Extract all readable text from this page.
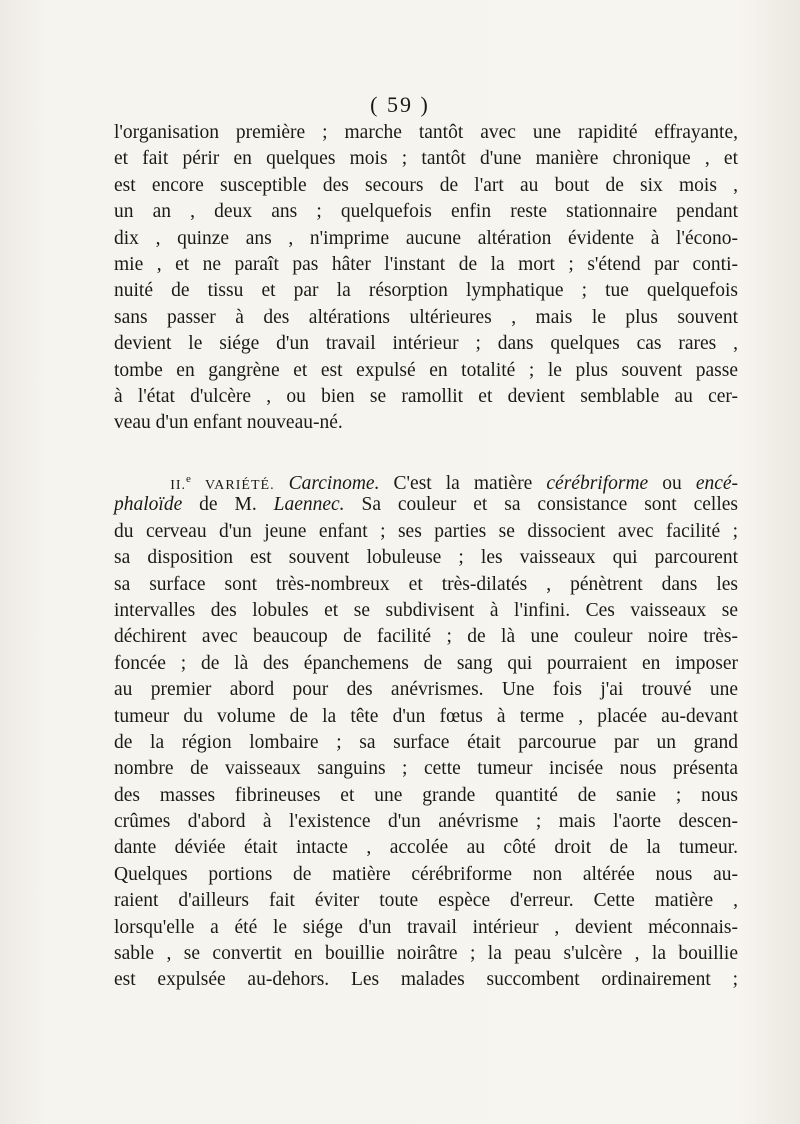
( 59 )
l'organisation première ; marche tantôt avec une rapidité effrayante,
et fait périr en quelques mois ; tantôt d'une manière chronique , et
est encore susceptible des secours de l'art au bout de six mois ,
un an , deux ans ; quelquefois enfin reste stationnaire pendant
dix , quinze ans , n'imprime aucune altération évidente à l'écono-
mie , et ne paraît pas hâter l'instant de la mort ; s'étend par conti-
nuité de tissu et par la résorption lymphatique ; tue quelquefois
sans passer à des altérations ultérieures , mais le plus souvent
devient le siége d'un travail intérieur ; dans quelques cas rares ,
tombe en gangrène et est expulsé en totalité ; le plus souvent passe
à l'état d'ulcère , ou bien se ramollit et devient semblable au cer-
veau d'un enfant nouveau-né.
II.$^e$ VARIÉTÉ. Carcinome. C'est la matière cérébriforme ou encé-
phaloïde de M. Laennec. Sa couleur et sa consistance sont celles
du cerveau d'un jeune enfant ; ses parties se dissocient avec facilité ;
sa disposition est souvent lobuleuse ; les vaisseaux qui parcourent
sa surface sont très-nombreux et très-dilatés , pénètrent dans les
intervalles des lobules et se subdivisent à l'infini. Ces vaisseaux se
déchirent avec beaucoup de facilité ; de là une couleur noire très-
foncée ; de là des épanchemens de sang qui pourraient en imposer
au premier abord pour des anévrismes. Une fois j'ai trouvé une
tumeur du volume de la tête d'un fœtus à terme , placée au-devant
de la région lombaire ; sa surface était parcourue par un grand
nombre de vaisseaux sanguins ; cette tumeur incisée nous présenta
des masses fibrineuses et une grande quantité de sanie ; nous
crûmes d'abord à l'existence d'un anévrisme ; mais l'aorte descen-
dante déviée était intacte , accolée au côté droit de la tumeur.
Quelques portions de matière cérébriforme non altérée nous au-
raient d'ailleurs fait éviter toute espèce d'erreur. Cette matière ,
lorsqu'elle a été le siége d'un travail intérieur , devient méconnais-
sable , se convertit en bouillie noirâtre ; la peau s'ulcère , la bouillie
est expulsée au-dehors. Les malades succombent ordinairement ;
